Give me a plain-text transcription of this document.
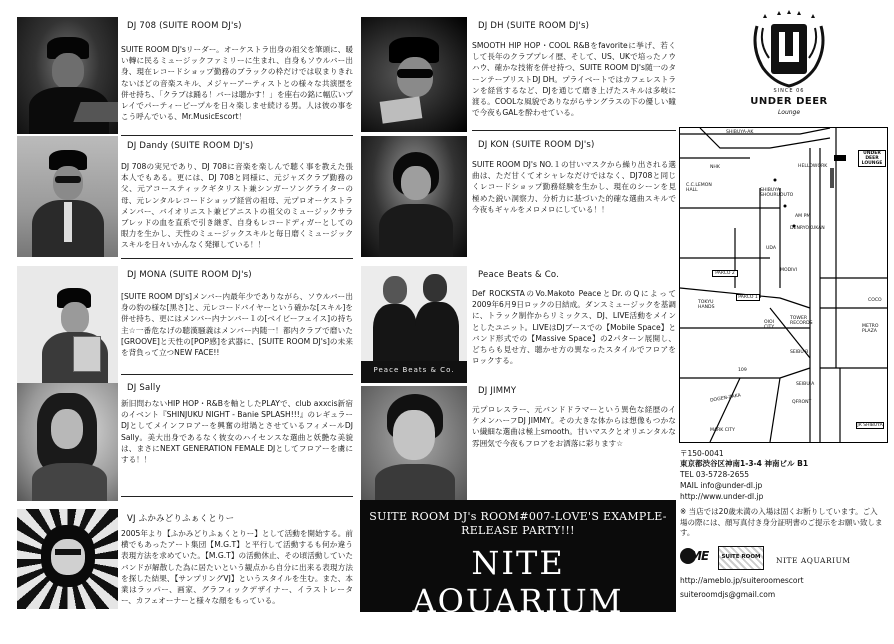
DJ 708 (SUITE ROOM DJ's)
SUITE ROOM DJ'sリーダー。オーケストラ出身の祖父を筆頭に、暖い轉に民るミュージックファミリーに生まれ、自身もソウルバー出身、現在レコードショップ勤務のブラックの枠だけでは収まりきれないほどの音楽スキル、メジャーアーティストとの様々な共演歴を併せ持ち、「クラブは踊る！バーは聴かす！」を座右の銘に幅広いプレイでパーティーピープルを日々楽しませ続ける男。人は彼の事をこう呼んでいる、Mr.MusicEscort！
DJ Dandy (SUITE ROOM DJ's)
DJ 708の実兄であり、DJ 708に音楽を楽しんで聴く事を教えた張本人でもある。更には、DJ 708と同様に、元ジャズクラブ勤務の父、元アコースティックギタリスト兼シンガーソングライターの母、元レンタルレコードショップ経営の祖母、元プロオーケストラメンバー、バイオリニスト兼ピアニストの祖父のミュージックサラブレッドの血を直系で引き継ぎ、自身もレコードディガーとしての眼力を生かし、天性のミュージックスキルと毎日磨くミュージックスキルを日々いかんなく発揮している！！
DJ MONA (SUITE ROOM DJ's)
[SUITE ROOM DJ's]メンバー内最年少でありながら、ソウルバー出身の豹の様な[黒さ]と、元レコードバイヤーという確かな[スキル]を併せ持ち、更にはメンバー内ナンバー１の[ベイビーフェイス]の持ち主☆一番危なげの聴漢騒義はメンバー内随一！都内クラブで磨いた[GROOVE]と天性の[POP感]を武器に、[SUITE ROOM DJ's]の未来を背負って立つNEW FACE!!
DJ Sally
新旧問わないHIP HOP・R&Bを軸としたPLAYで、club axxcis新宿のイベント『SHINJUKU NIGHT - Banie SPLASH!!!』のレギュラーDJとしてメインフロアーを興奮の坩堝とさせているフィメールDJ Sally。美大出身であるなく彼女のハイセンスな選曲と妖艶な美貌は、まさにNEXT GENERATION FEMALE DJとしてフロアーを虜にする！！
VJ ふかみどりふぁくとりー
2005年より【ふかみどりふぁくとりー】として活動を開始する。前横でもあったアート集団【M.G.T】と平行して活動するも何か違う表現方法を求めていた。【M.G.T】の活動休止、その頃活動していたバンドが解散した為に居たいという観点から自分に出来る表現方法を探した結果、【サンプリングVJ】というスタイルを生む。また、本業はラッパー、画家、グラフィックデザイナー、イラストレーター、カフェオーナーと様々な顔をもっている。
Peace Beats & Co.
DJ DH (SUITE ROOM DJ's)
SMOOTH HIP HOP・COOL R&Bをfavoriteに挙げ、若くして長年のクラブプレイ歴、そして、US、UKで培ったノウハウ、確かな技術を併せ持つ、SUITE ROOM DJ's随一のターンテーブリストDJ DH。プライベートではカフェレストランを経営するなど、DJを通じて磨き上げたスキルは多岐に渡る。COOLな風貌でありながらサングラスの下の優しい瞳で今夜もGALを酔わせている。
DJ KON (SUITE ROOM DJ's)
SUITE ROOM DJ's NO.１の甘いマスクから繰り出される選曲は、ただ甘くてオシャレなだけではなく、DJ708と同じくレコードショップ勤務経験を生かし、現在のシーンを見極めた鋭い洞察力、分析力に基づいた的確な選曲スキルで今夜もギャルをメロメロにしている！！
Peace Beats & Co.
Def ROCKSTAのVo.Makoto PeaceとDr.のQによって2009年6月9日ロックの日結成。ダンスミュージックを基調に、トラック制作からリミックス、DJ、LIVE活動をメインとしたユニット。LIVEはDJブースでの【Mobile Space】とバンド形式での【Massive Space】の2パターン展開し、どちらも見せ方、聴かせ方の異なったスタイルでフロアをロックする。
DJ JIMMY
元プロレスラー、元バンドドラマーという異色な経歴のイケメンハーフDJ JIMMY。その大きな体からは想像もつかない繊細な選曲は極上smooth。甘いマスクとオリエンタルな雰囲気で今夜もフロアをお洒落に彩ります☆
SUITE ROOM DJ's ROOM#007-LOVE'S EXAMPLE-RELEASE PARTY!!!
NITE AQUARIUM
宵闇に流されて、イケナイコトを致しましょう。
SINCE 06
UNDER DEER
Lounge
SHIBUYA-AK
NHK
C.C.LEMON HALL	SHIBUYA SHOURUOUTO
AM PM
DENRYOKUKAN
PARCO 2
PARCO 1
TOKYU HANDS
OIOI CITY
TOWER RECORDS
SEIBU B
SEIBU A
109
DOGEN-ZAKA
MARK CITY
QFRONT
JR SHIBUYA
COCO
METRO PLAZA
HELLOWORK
UDA
MODIVI
UNDER DEER LOUNGE
〒150-0041
東京都渋谷区神南1-3-4 神南ビル B1
TEL 03-5728-2655
MAIL info@under-dl.jp
http://www.under-dl.jp
※ 当店では20歳未満の入場は固くお断りしています。ご入場の際には、顔写真付き身分証明書のご提示をお願い致します。
ME	SUITE ROOM	NITE AQUARIUM
http://ameblo.jp/suiteroomescort
suiteroomdjs@gmail.com
